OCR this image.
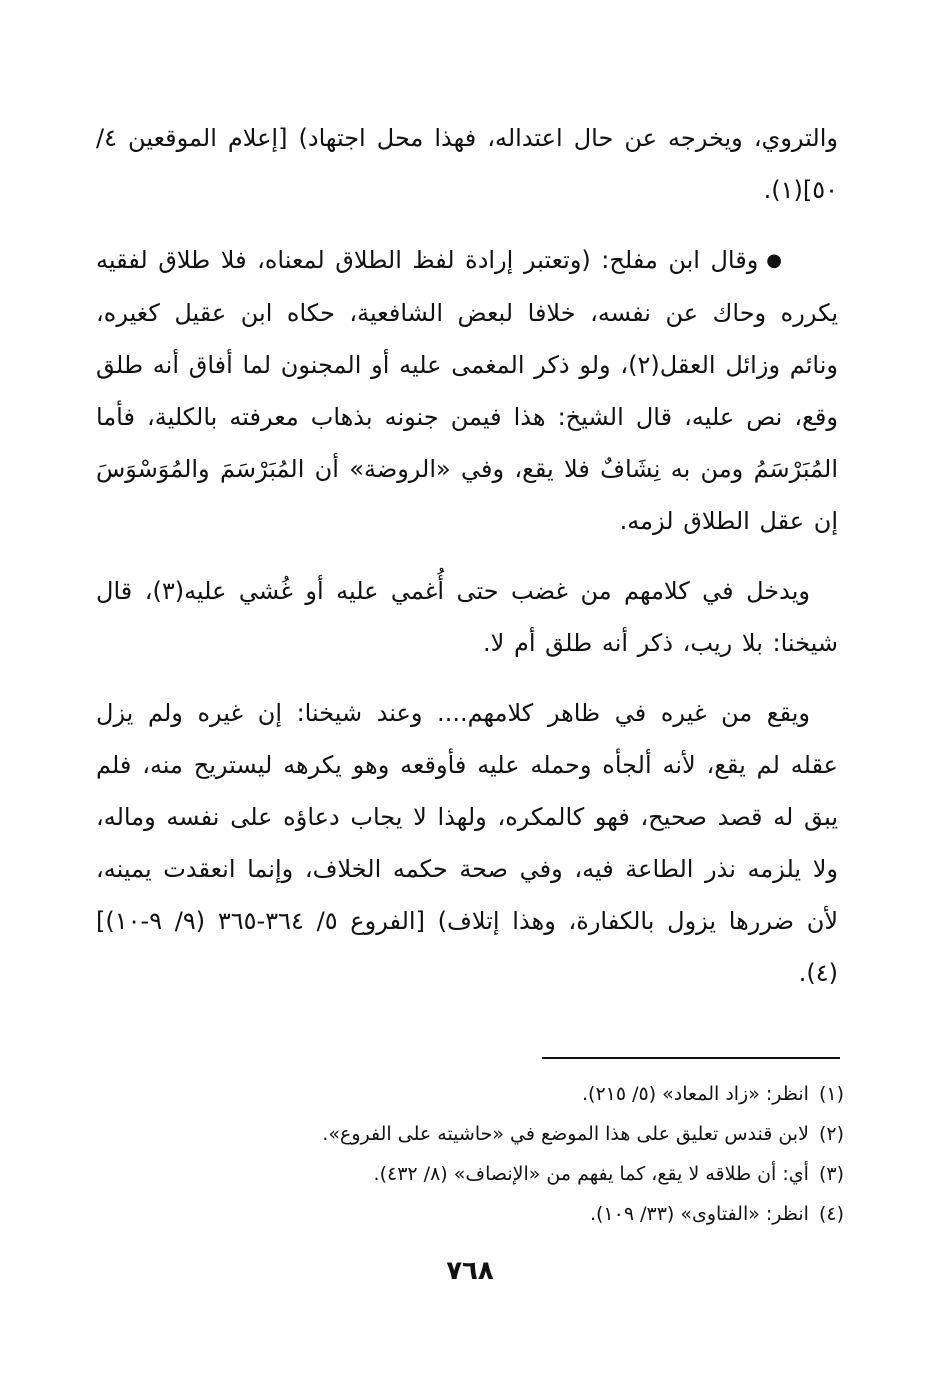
والتروي، ويخرجه عن حال اعتداله، فهذا محل اجتهاد) [إعلام الموقعين ٤/ ٥٠](١).

●وقال ابن مفلح: (وتعتبر إرادة لفظ الطلاق لمعناه، فلا طلاق لفقيه يكرره وحاك عن نفسه، خلافا لبعض الشافعية، حكاه ابن عقيل كغيره، ونائم وزائل العقل(٢)، ولو ذكر المغمى عليه أو المجنون لما أفاق أنه طلق وقع، نص عليه، قال الشيخ: هذا فيمن جنونه بذهاب معرفته بالكلية، فأما المُبَرْسَمُ ومن به نِشَافٌ فلا يقع، وفي «الروضة» أن المُبَرْسَمَ والمُوَسْوَسَ إن عقل الطلاق لزمه.

ويدخل في كلامهم من غضب حتى أُغمي عليه أو غُشي عليه(٣)، قال شيخنا: بلا ريب، ذكر أنه طلق أم لا.

ويقع من غيره في ظاهر كلامهم.... وعند شيخنا: إن غيره ولم يزل عقله لم يقع، لأنه ألجأه وحمله عليه فأوقعه وهو يكرهه ليستريح منه، فلم يبق له قصد صحيح، فهو كالمكره، ولهذا لا يجاب دعاؤه على نفسه وماله، ولا يلزمه نذر الطاعة فيه، وفي صحة حكمه الخلاف، وإنما انعقدت يمينه، لأن ضررها يزول بالكفارة، وهذا إتلاف) [الفروع ٥/ ٣٦٤-٣٦٥ (٩/ ٩-١٠)](٤).

(١)انظر: «زاد المعاد» (٥/ ٢١٥).
(٢)لابن قندس تعليق على هذا الموضع في «حاشيته على الفروع».
(٣)أي: أن طلاقه لا يقع، كما يفهم من «الإنصاف» (٨/ ٤٣٢).
(٤)انظر: «الفتاوى» (٣٣/ ١٠٩).
٧٦٨
